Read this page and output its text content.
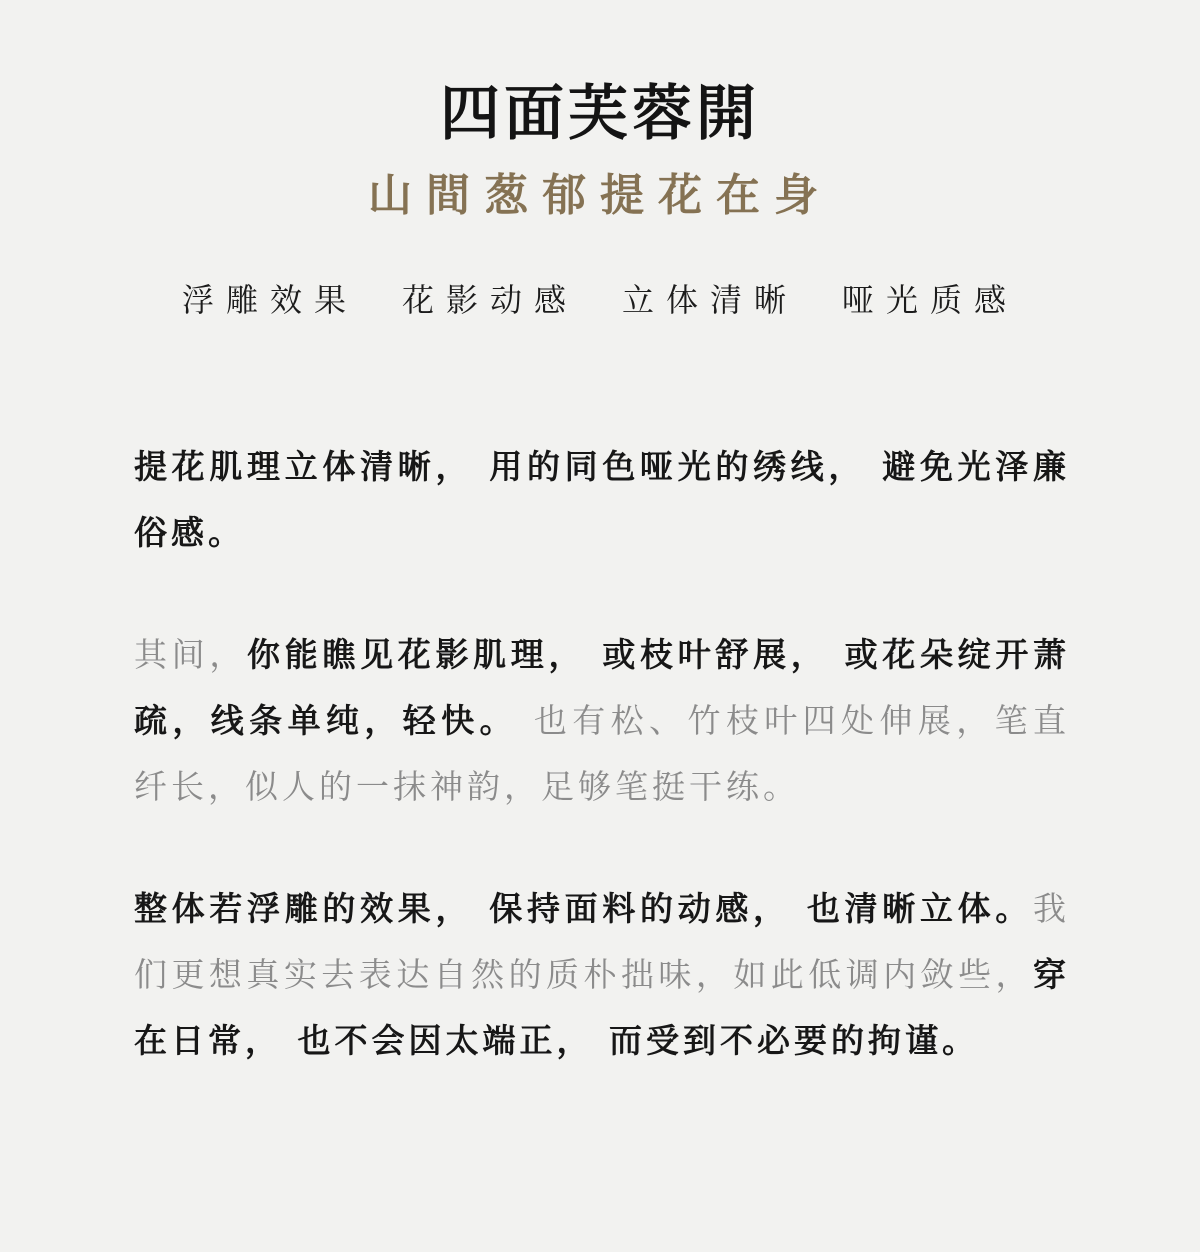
四面芙蓉開
山間葱郁提花在身
浮雕效果 花影动感 立体清晰 哑光质感

提花肌理立体清晰， 用的同色哑光的绣线， 避免光泽廉俗感。

其间，你能瞧见花影肌理， 或枝叶舒展， 或花朵绽开萧疏，线条单纯，轻快。 也有松、竹枝叶四处伸展，笔直纤长，似人的一抹神韵，足够笔挺干练。

整体若浮雕的效果， 保持面料的动感， 也清晰立体。我们更想真实去表达自然的质朴拙味，如此低调内敛些，穿在日常， 也不会因太端正， 而受到不必要的拘谨。
